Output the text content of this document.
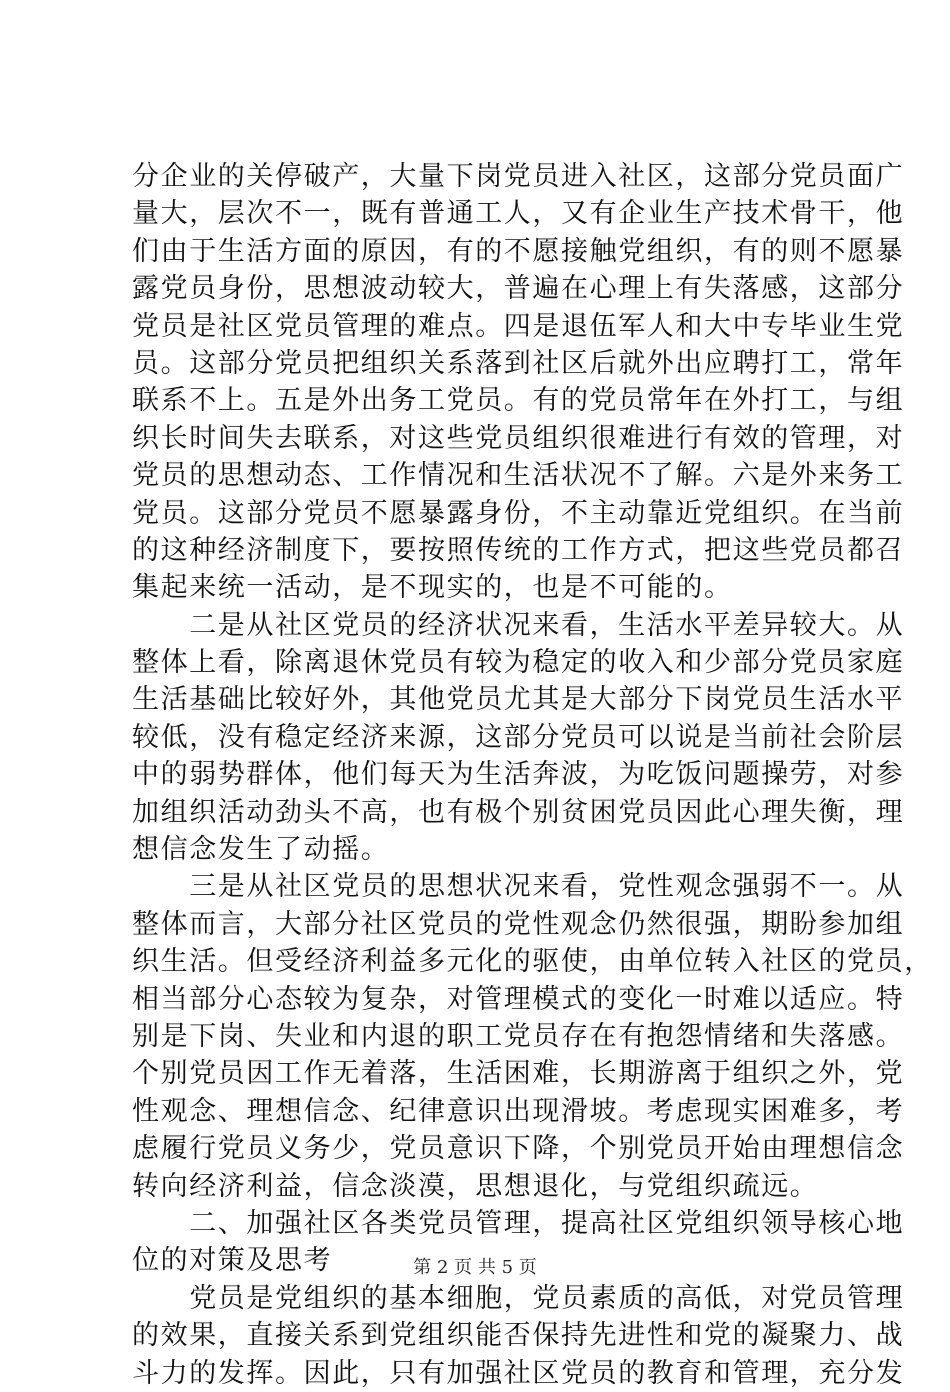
分企业的关停破产，大量下岗党员进入社区，这部分党员面广
量大，层次不一，既有普通工人，又有企业生产技术骨干，他
们由于生活方面的原因，有的不愿接触党组织，有的则不愿暴
露党员身份，思想波动较大，普遍在心理上有失落感，这部分
党员是社区党员管理的难点。四是退伍军人和大中专毕业生党
员。这部分党员把组织关系落到社区后就外出应聘打工，常年
联系不上。五是外出务工党员。有的党员常年在外打工，与组
织长时间失去联系，对这些党员组织很难进行有效的管理，对
党员的思想动态、工作情况和生活状况不了解。六是外来务工
党员。这部分党员不愿暴露身份，不主动靠近党组织。在当前
的这种经济制度下，要按照传统的工作方式，把这些党员都召
集起来统一活动，是不现实的，也是不可能的。
　　二是从社区党员的经济状况来看，生活水平差异较大。从
整体上看，除离退休党员有较为稳定的收入和少部分党员家庭
生活基础比较好外，其他党员尤其是大部分下岗党员生活水平
较低，没有稳定经济来源，这部分党员可以说是当前社会阶层
中的弱势群体，他们每天为生活奔波，为吃饭问题操劳，对参
加组织活动劲头不高，也有极个别贫困党员因此心理失衡，理
想信念发生了动摇。
　　三是从社区党员的思想状况来看，党性观念强弱不一。从
整体而言，大部分社区党员的党性观念仍然很强，期盼参加组
织生活。但受经济利益多元化的驱使，由单位转入社区的党员，
相当部分心态较为复杂，对管理模式的变化一时难以适应。特
别是下岗、失业和内退的职工党员存在有抱怨情绪和失落感。
个别党员因工作无着落，生活困难，长期游离于组织之外，党
性观念、理想信念、纪律意识出现滑坡。考虑现实困难多，考
虑履行党员义务少，党员意识下降，个别党员开始由理想信念
转向经济利益，信念淡漠，思想退化，与党组织疏远。
　　二、加强社区各类党员管理，提高社区党组织领导核心地
位的对策及思考
　　党员是党组织的基本细胞，党员素质的高低，对党员管理
的效果，直接关系到党组织能否保持先进性和党的凝聚力、战
斗力的发挥。因此，只有加强社区党员的教育和管理，充分发
第 2 页 共 5 页
